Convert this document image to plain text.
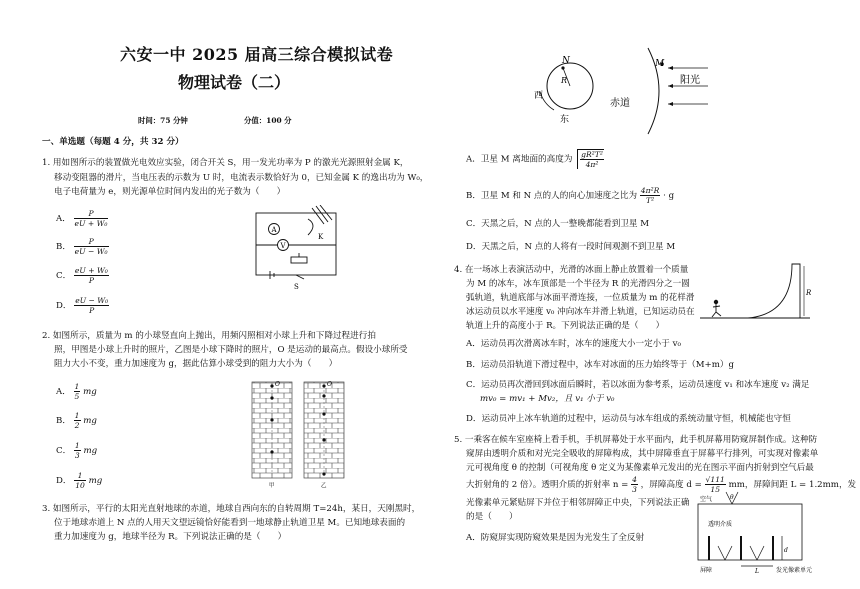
六安一中 2025 届高三综合模拟试卷
物理试卷（二）
时间：75 分钟	分值：100 分
一、单选题（每题 4 分，共 32 分）
1. 用如图所示的装置做光电效应实验，闭合开关 S，用一发光功率为 P 的激光光源照射金属 K，
移动变阻器的滑片，当电压表的示数为 U 时，电流表示数恰好为 0，已知金属 K 的逸出功为 W₀，
电子电荷量为 e，则光源单位时间内发出的光子数为（　　）
A． $\frac{P}{\text{eU + W₀}}$
B． $\frac{P}{\text{eU − W₀}}$
C． $\frac{\text{eU + W₀}}{P}$
D． $\frac{\text{eU − W₀}}{P}$
A
V
K
S
2. 如图所示，质量为 m 的小球竖直向上抛出，用频闪照相对小球上升和下降过程进行拍
照，甲图是小球上升时的照片，乙图是小球下降时的照片，O 是运动的最高点。假设小球所受
阻力大小不变，重力加速度为 g，据此估算小球受到的阻力大小为（　　）
A． $\frac{1}{5}$ mg
B． $\frac{1}{2}$ mg
C． $\frac{1}{3}$ mg
D． $\frac{1}{10}$ mg
O	O
甲	乙
3. 如图所示，平行的太阳光直射地球的赤道，地球自西向东的自转周期 T=24h，某日，天刚黑时，
位于地球赤道上 N 点的人用天文望远镜恰好能看到一地球静止轨道卫星 M。已知地球表面的
重力加速度为 g，地球半径为 R。下列说法正确的是（　　）
N
R
西
东
赤道
M
阳光
A．卫星 M 离地面的高度为 $\frac{\text{gR²T²}}{\text{4π²}}$
B．卫星 M 和 N 点的人的向心加速度之比为 $\frac{\text{4π²R}}{\text{T²}} \cdot g$
C．天黑之后，N 点的人一整晚都能看到卫星 M
D．天黑之后，N 点的人将有一段时间观测不到卫星 M
4. 在一场冰上表演活动中，光滑的冰面上静止放置着一个质量
为 M 的冰车，冰车顶部是一个半径为 R 的光滑四分之一圆
弧轨道，轨道底部与冰面平滑连接，一位质量为 m 的花样滑
冰运动员以水平速度 v₀ 冲向冰车并滑上轨道，已知运动员在
轨道上升的高度小于 R。下列说法正确的是（　　）
R
A．运动员再次滑离冰车时，冰车的速度大小一定小于 v₀
B．运动员沿轨道下滑过程中，冰车对冰面的压力始终等于（M+m）g
C．运动员再次滑回到冰面后瞬时，若以冰面为参考系，运动员速度 v₁ 和冰车速度 v₂ 满足
mv₀ = mv₁ + Mv₂，且 v₁ 小于 v₀
D．运动员冲上冰车轨道的过程中，运动员与冰车组成的系统动量守恒，机械能也守恒
5. 一乘客在候车室座椅上看手机，手机屏幕处于水平面内，此手机屏幕用防窥屏制作成。这种防
窥屏由透明介质和对光完全吸收的屏障构成，其中屏障垂直于屏幕平行排列，可实现对像素单
元可视角度 θ 的控制（可视角度 θ 定义为某像素单元发出的光在图示平面内折射到空气后最
大折射角的 2 倍）。透明介质的折射率 $n = \frac{4}{3}$ ，屏障高度 $d = \frac{√111}{15}$ mm，屏障间距 L = 1.2mm，发
光像素单元紧贴屏下并位于相邻屏障正中央，下列说法正确
的是（　　）
A．防窥屏实现防窥效果是因为光发生了全反射
空气	θ
透明介质
d
L
屏障	发光像素单元
